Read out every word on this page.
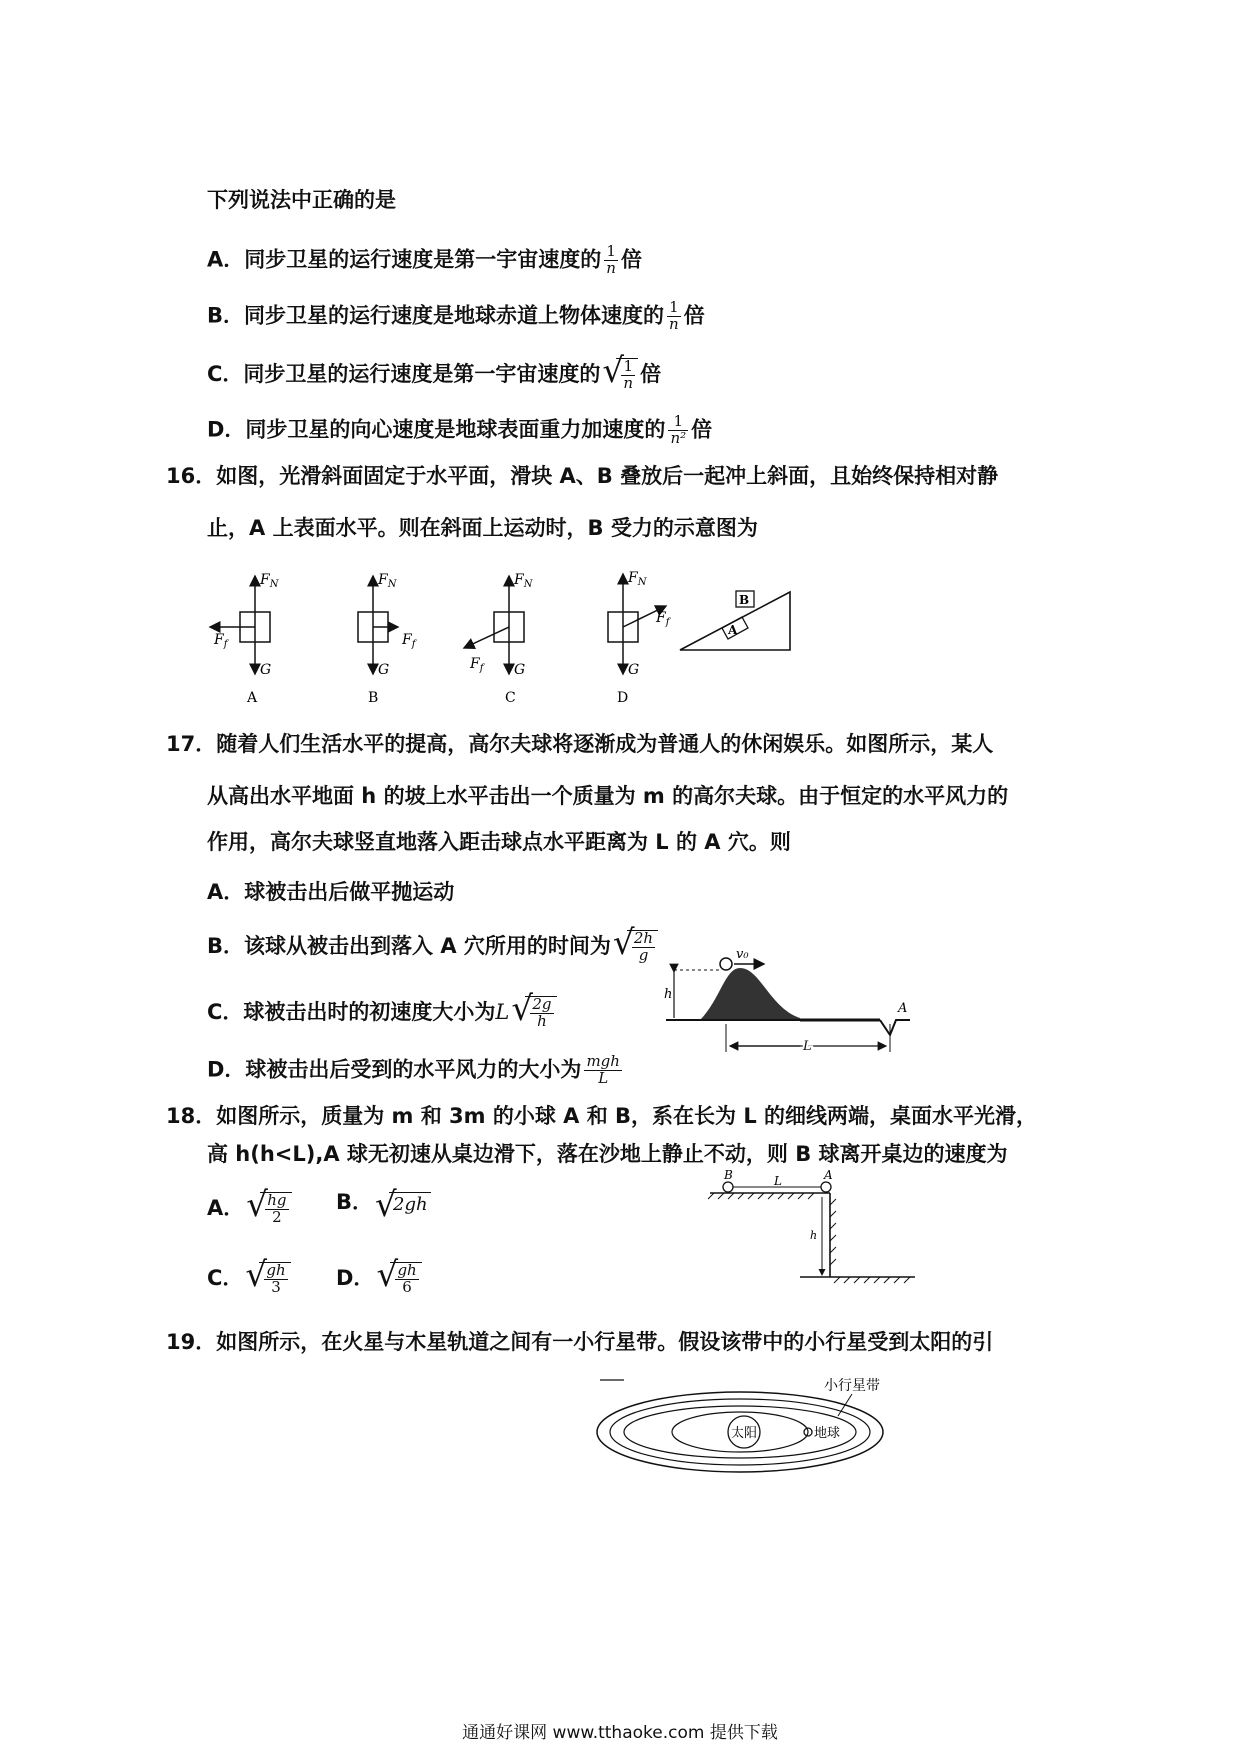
下列说法中正确的是
A．同步卫星的运行速度是第一宇宙速度的 $\frac{1}{n}$ 倍
B．同步卫星的运行速度是地球赤道上物体速度的 $\frac{1}{n}$ 倍
C．同步卫星的运行速度是第一宇宙速度的 √
$\frac{1}{n}$ 倍
D．同步卫星的向心速度是地球表面重力加速度的 $\frac{1}{\text{n²}}$ 倍
16．如图，光滑斜面固定于水平面，滑块 A、B 叠放后一起冲上斜面，且始终保持相对静
止，A 上表面水平。则在斜面上运动时，B 受力的示意图为
$F_N$
$F_f$
G
A
$F_N$
$F_f$
G
B
$F_N$
$F_f$ G
C
$F_N$
$F_f$
G
D
A
B
17．随着人们生活水平的提高，高尔夫球将逐渐成为普通人的休闲娱乐。如图所示，某人
从高出水平地面 h 的坡上水平击出一个质量为 m 的高尔夫球。由于恒定的水平风力的
作用，高尔夫球竖直地落入距击球点水平距离为 L 的 A 穴。则
A．球被击出后做平抛运动
B．该球从被击出到落入 A 穴所用的时间为 √
$\frac{2h}{g}$
C．球被击出时的初速度大小为L √
$\frac{2g}{h}$
D．球被击出后受到的水平风力的大小为 $\frac{\text{mgh}}{L}$
v₀
h
A
L
18．如图所示，质量为 m 和 3m 的小球 A 和 B，系在长为 L 的细线两端，桌面水平光滑，
高 h(h<L),A 球无初速从桌边滑下，落在沙地上静止不动，则 B 球离开桌边的速度为
A． √
$\frac{hg}{2}$ B． √
2gh
C． √
$\frac{gh}{3}$ D． √
$\frac{gh}{6}$
B	L	A
h
19．如图所示，在火星与木星轨道之间有一小行星带。假设该带中的小行星受到太阳的引
小行星带
太阳	地球
通通好课网 www.tthaoke.com 提供下载
